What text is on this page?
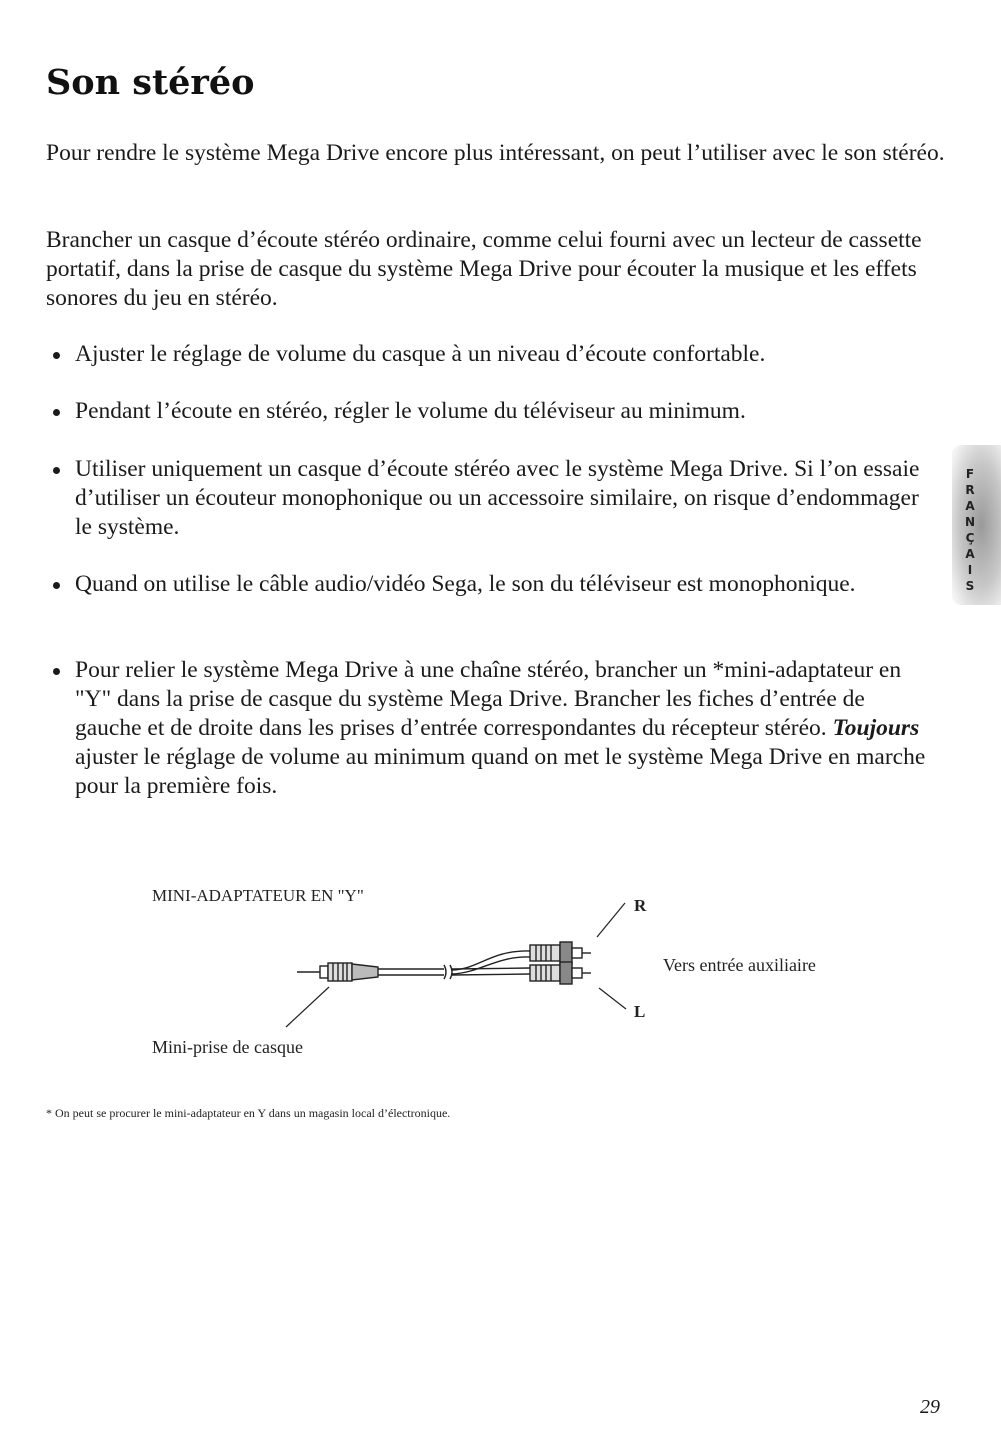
Son stéréo

Pour rendre le système Mega Drive encore plus intéressant, on peut l’utiliser avec le son stéréo.

Brancher un casque d’écoute stéréo ordinaire, comme celui fourni avec un lecteur de cassette portatif, dans la prise de casque du système Mega Drive pour écouter la musique et les effets sonores du jeu en stéréo.

Ajuster le réglage de volume du casque à un niveau d’écoute confortable.
Pendant l’écoute en stéréo, régler le volume du téléviseur au minimum.
Utiliser uniquement un casque d’écoute stéréo avec le système Mega Drive. Si l’on essaie d’utiliser un écouteur monophonique ou un accessoire similaire, on risque d’endommager le système.
Quand on utilise le câble audio/vidéo Sega, le son du téléviseur est monophonique.
Pour relier le système Mega Drive à une chaîne stéréo, brancher un *mini-adaptateur en "Y" dans la prise de casque du système Mega Drive. Brancher les fiches d’entrée de gauche et de droite dans les prises d’entrée correspondantes du récepteur stéréo. Toujours ajuster le réglage de volume au minimum quand on met le système Mega Drive en marche pour la première fois.
F
R
A
N
Ç
A
I
S
MINI-ADAPTATEUR EN "Y"
R
L
Vers entrée auxiliaire
Mini-prise de casque

* On peut se procurer le mini-adaptateur en Y dans un magasin local d’électronique.

29
